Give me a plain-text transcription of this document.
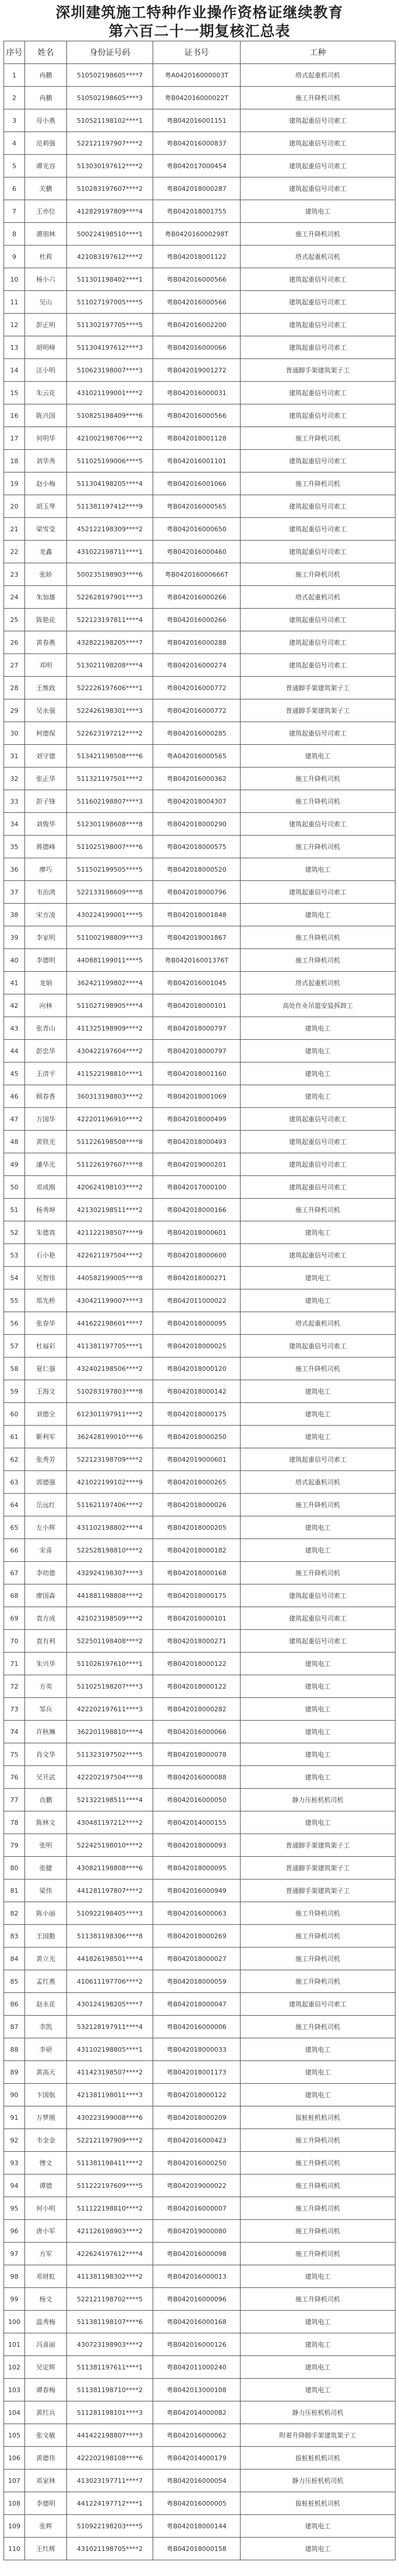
深圳建筑施工特种作业操作资格证继续教育
第六百二十一期复核汇总表
序号	姓名	身份证号码	证书号	工种
1	冉鹏	510502198605****7	粤A042016000003T	塔式起重机司机
2	冉鹏	510502198605****3	粤B042016000022T	施工升降机司机
3	母小燕	510521198102****1	粤B042016001151	建筑起重信号司索工
4	范莉强	522121197907****2	粤B042016000837	建筑起重信号司索工
5	谭光容	513030197612****2	粤B042017000454	建筑起重信号司索工
6	关鹏	510283197607****2	粤B042018000287	建筑起重信号司索工
7	王亦位	412829197809****4	粤B042018001755	建筑电工
8	谭朋林	500224198510****1	粤B042016000298T	施工升降机司机
9	杜莉	421083197612****2	粤B042018001122	塔式起重机司机
10	杨小六	511301198402****1	粤B042016000566	建筑起重信号司索工
11	吴山	511027197005****5	粤B042016000566	建筑起重信号司索工
12	彭正明	511302197705****5	粤B042016002200	建筑起重信号司索工
13	胡明峰	511304197612****3	粤B042016000066	建筑起重信号司索工
14	汪小明	510623198007****3	粤B042019001272	普通脚手架建筑架子工
15	朱云花	431021199001****2	粤B042016000031	建筑起重信号司索工
16	陈兴国	510825198409****6	粤B042016000566	建筑起重信号司索工
17	何明华	421002198706****2	粤B042018001128	施工升降机司机
18	刘华秀	511025199006****5	粤B042016001101	建筑起重信号司索工
19	赵小梅	511304198205****4	粤B042016001066	施工升降机司机
20	胡玉琴	511381197412****9	粤B042016000565	建筑起重信号司索工
21	梁雪莹	452122198309****2	粤B042016000650	建筑起重信号司索工
22	龙鑫	431022198711****1	粤B042016000460	建筑起重信号司索工
23	张娇	500235198903****6	粤B042016000666T	施工升降机司机
24	朱加雄	522628197901****3	粤B042016000266	塔式起重机司机
25	陈艳花	522123197811****4	粤B042016000266	建筑起重信号司索工
26	黄春燕	432822198205****7	粤B042016000288	建筑起重信号司索工
27	邓明	513021198208****4	粤B042016000274	建筑起重信号司索工
28	王维政	522226197606****1	粤B042016000772	普通脚手架建筑架子工
29	吴永强	522426198301****3	粤B042016000772	普通脚手架建筑架子工
30	柯德保	522623197212****2	粤B042016000285	建筑起重信号司索工
31	刘守德	513421198508****6	粤A042016000565	建筑电工
32	张正华	511321197501****2	粤B042016000362	施工升降机司机
33	彭子锋	511602198807****3	粤B042018004307	施工升降机司机
34	刘俊华	512301198608****8	粤B042018000290	建筑起重信号司索工
35	蒋德峰	511025198007****6	粤B042018000575	施工升降机司机
36	廖巧	511502199505****5	粤B042018000520	建筑电工
37	韦治鸿	522133198609****8	粤B042018000796	建筑起重信号司索工
38	宋方凌	430224199001****5	粤B042018001848	建筑电工
39	李家明	511002198809****3	粤B042018001867	施工升降机司机
40	李德明	440881199011****5	粤B042016001376T	施工升降机司机
41	龙娟	362421199802****4	粤B042016001045	塔式起重机司机
42	向林	511027198905****4	粤B042018000101	高处作业吊篮安装拆卸工
43	张青山	411325198909****2	粤B042018000797	建筑电工
44	彭忠华	430422197604****2	粤B042018000797	建筑电工
45	王清平	411522198810****1	粤B042018001160	建筑电工
46	顾春香	360313198803****2	粤B042018001069	建筑电工
47	万国华	422201196910****2	粤B042018000499	建筑起重信号司索工
48	黄铁光	511226198508****8	粤B042018000493	建筑起重信号司索工
49	潘华光	511226197607****8	粤B042019000201	建筑起重信号司索工
50	邓成刚	420624198103****2	粤B042017000100	建筑起重信号司索工
51	杨秀坤	421302198511****2	粤B042018000166	施工升降机司机
52	朱德真	421122198507****9	粤B042018000601	建筑电工
53	石小艳	422621197504****2	粤B042018000600	建筑起重信号司索工
54	吴智伟	440582199005****8	粤B042018000271	建筑电工
55	郑先桥	430421199007****3	粤B042011000022	建筑电工
56	张春华	441622198601****7	粤B042018000095	塔式起重机司机
57	杜福彩	411381197705****1	粤B042018000025	建筑起重信号司索工
58	夏仁强	432402198506****2	粤B042018000120	施工升降机司机
59	王海文	510283197803****8	粤B042018000142	建筑电工
60	刘德全	612301197911****2	粤B042018000175	建筑电工
61	靳利军	362428199010****6	粤B042018000250	建筑电工
62	张秀芳	522123198709****2	粤B042019000601	建筑起重信号司索工
63	郭德强	421022199102****9	粤B042018000265	塔式起重机司机
64	岳远红	511621197406****2	粤B042018000026	施工升降机司机
65	左小辉	431102198802****4	粤B042018000205	建筑电工
66	宋喜	522528198810****2	粤B042018000182	建筑电工
67	李幼德	432924198307****3	粤B042018000168	施工升降机司机
68	廖国森	441881198808****2	粤B042018000175	建筑起重信号司索工
69	袁方成	421023198509****2	粤B042018000101	建筑起重信号司索工
70	袁有利	522501198408****2	粤B042018000271	建筑起重信号司索工
71	朱兴华	511026197610****1	粤B042018000122	建筑电工
72	方英	511025198207****3	粤B042018000122	建筑电工
73	邹兵	422202197611****3	粤B042018000282	建筑电工
74	许秋琳	362201198810****4	粤B042016000066	建筑电工
75	肖文华	511323197502****5	粤B042018000078	建筑电工
76	吴开武	422202197504****8	粤B042016000088	建筑电工
77	肖鹏	521322198511****4	粤B042016000050	静力压桩机机司机
78	陈林文	430481197212****2	粤B042014000155	建筑电工
79	张明	522425198010****2	粤B042018000093	普通脚手架建筑架子工
80	张健	430821198808****6	粤B042018000095	普通脚手架建筑架子工
81	梁伟	441281197807****2	粤B042016000949	普通脚手架建筑架子工
82	陈小丽	510922198405****3	粤B042016000063	施工升降机司机
83	王国勤	511381198306****8	粤B042018000269	施工升降机司机
84	黄立光	441826198501****4	粤B042018000027	施工升降机司机
85	孟红燕	410611197706****2	粤B042018000059	施工升降机司机
86	赵永花	430124198205****7	粤B042018000047	建筑起重信号司索工
87	李凯	532128197911****4	粤B042016000006	施工升降机司机
88	李研	431102198805****1	粤B042018000033	建筑电工
89	黄高天	411423198507****2	粤B042018001173	建筑电工
90	卞国航	421381198011****3	粤B042018000122	建筑电工
91	万梦刚	430223199008****6	粤B042018000209	拔桩桩机机司机
92	韦金金	522121197909****2	粤B042016000423	施工升降机司机
93	傅文	511381198411****2	粤B042016000250	施工升降机司机
94	谭德	511222197609****5	粤B042019000022	施工升降机司机
95	何小明	511122198810****2	粤B042016000007	施工升降机司机
96	唐小军	421126198903****2	粤B042019000080	施工升降机司机
97	方军	422624197612****4	粤B042016000098	施工升降机司机
98	邓财虹	411381198302****2	粤B042016000013	建筑电工
99	杨文	522121198702****5	粤B042016000096	施工升降机司机
100	温秀梅	511381198107****6	粤B042016000168	建筑电工
101	冯喜丽	430723198903****2	粤B042016000126	建筑电工
102	吴定辉	511381197611****1	粤B042011000240	建筑电工
103	谭春梅	511381198710****2	粤B042013000108	建筑电工
104	黄红兵	511281198101****3	粤B042014000082	静力压桩机机司机
105	张文敏	441422198807****3	粤B042016000062	附着升降脚手架建筑架子工
106	黄德伟	422202198108****6	粤B042014000179	拔桩桩机机司机
107	邓家林	413023197711****7	粤B042016000054	静力压桩机机司机
108	李德明	441224197712****1	粤B042016000005	拔桩桩机机司机
109	张辉	510922198203****5	粤B042018000144	建筑电工
110	王红辉	431021198705****2	粤B042018000158	建筑电工
